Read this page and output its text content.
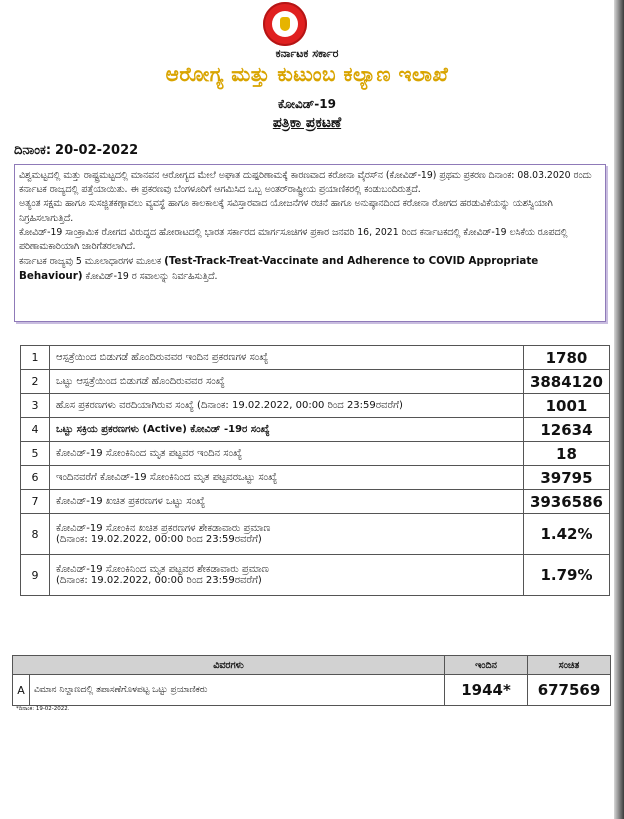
ಕರ್ನಾಟಕ ಸರ್ಕಾರ
ಆರೋಗ್ಯ ಮತ್ತು ಕುಟುಂಬ ಕಲ್ಯಾಣ ಇಲಾಖೆ
ಕೋವಿಡ್-19
ಪತ್ರಿಕಾ ಪ್ರಕಟಣೆ
ದಿನಾಂಕ: 20-02-2022

ವಿಶ್ವಮಟ್ಟದಲ್ಲಿ ಮತ್ತು ರಾಷ್ಟ್ರಮಟ್ಟದಲ್ಲಿ ಮಾನವನ ಆರೋಗ್ಯದ ಮೇಲೆ ಅಘಾತ ದುಷ್ಪರಿಣಾಮಕ್ಕೆ ಕಾರಣವಾದ ಕರೋನಾ ವೈರಸ್‌ನ (ಕೋವಿಡ್-19) ಪ್ರಥಮ ಪ್ರಕರಣ ದಿನಾಂಕ: 08.03.2020 ರಂದು ಕರ್ನಾಟಕ ರಾಜ್ಯದಲ್ಲಿ ಪತ್ತೆಯಾಯಿತು. ಈ ಪ್ರಕರಣವು ಬೆಂಗಳೂರಿಗೆ ಆಗಮಿಸಿದ ಒಬ್ಬ ಅಂತರ್‌ರಾಷ್ಟ್ರೀಯ ಪ್ರಯಾಣಿಕರಲ್ಲಿ ಕಂಡುಬಂದಿರುತ್ತದೆ.

ಅತ್ಯಂತ ಸಕ್ಷಮ ಹಾಗೂ ಸುಸಜ್ಜಿತಕಣ್ಗಾವಲು ವ್ಯವಸ್ಥೆ ಹಾಗೂ ಕಾಲಕಾಲಕ್ಕೆ ಸವಿಸ್ತಾರವಾದ ಯೋಜನೆಗಳ ರಚನೆ ಹಾಗೂ ಅನುಷ್ಠಾನದಿಂದ ಕರೋನಾ ರೋಗದ ಹರಡುವಿಕೆಯನ್ನು ಯಶಸ್ವಿಯಾಗಿ ನಿಗ್ರಹಿಸಲಾಗುತ್ತಿದೆ.

ಕೋವಿಡ್-19 ಸಾಂಕ್ರಾಮಿಕ ರೋಗದ ವಿರುದ್ಧದ ಹೋರಾಟದಲ್ಲಿ ಭಾರತ ಸರ್ಕಾರದ ಮಾರ್ಗಸೂಚಿಗಳ ಪ್ರಕಾರ ಜನವರಿ 16, 2021 ರಿಂದ ಕರ್ನಾಟಕದಲ್ಲಿ ಕೋವಿಡ್-19 ಲಸಿಕೆಯ ರೂಪದಲ್ಲಿ ಪರಿಣಾಮಕಾರಿಯಾಗಿ ಜಾರಿಗೆತರಲಾಗಿದೆ.

ಕರ್ನಾಟಕ ರಾಜ್ಯವು 5 ಮೂಲಾಧಾರಗಳ ಮೂಲಕ (Test-Track-Treat-Vaccinate and Adherence to COVID Appropriate Behaviour) ಕೋವಿಡ್-19 ರ ಸವಾಲನ್ನು ನಿರ್ವಹಿಸುತ್ತಿದೆ.

1	ಆಸ್ಪತ್ರೆಯಿಂದ ಬಿಡುಗಡೆ ಹೊಂದಿರುವವರ ಇಂದಿನ ಪ್ರಕರಣಗಳ ಸಂಖ್ಯೆ	1780
2	ಒಟ್ಟು ಆಸ್ಪತ್ರೆಯಿಂದ ಬಿಡುಗಡೆ ಹೊಂದಿರುವವರ ಸಂಖ್ಯೆ	3884120
3	ಹೊಸ ಪ್ರಕರಣಗಳು ವರದಿಯಾಗಿರುವ ಸಂಖ್ಯೆ (ದಿನಾಂಕ: 19.02.2022, 00:00 ರಿಂದ 23:59ರವರೆಗೆ)	1001
4	ಒಟ್ಟು ಸಕ್ರಿಯ ಪ್ರಕರಣಗಳು (Active) ಕೋವಿಡ್ -19ರ ಸಂಖ್ಯೆ	12634
5	ಕೋವಿಡ್-19 ಸೋಂಕಿನಿಂದ ಮೃತ ಪಟ್ಟವರ ಇಂದಿನ ಸಂಖ್ಯೆ	18
6	ಇಂದಿನವರೆಗೆ ಕೋವಿಡ್-19 ಸೋಂಕಿನಿಂದ ಮೃತ ಪಟ್ಟವರಒಟ್ಟು ಸಂಖ್ಯೆ	39795
7	ಕೋವಿಡ್-19 ಖಚಿತ ಪ್ರಕರಣಗಳ ಒಟ್ಟು ಸಂಖ್ಯೆ	3936586
8	ಕೋವಿಡ್-19 ಸೋಂಕಿನ ಖಚಿತ ಪ್ರಕರಣಗಳ ಶೇಕಡಾವಾರು ಪ್ರಮಾಣ
(ದಿನಾಂಕ: 19.02.2022, 00:00 ರಿಂದ 23:59ರವರೆಗೆ)	1.42%
9	ಕೋವಿಡ್-19 ಸೋಂಕಿನಿಂದ ಮೃತ ಪಟ್ಟವರ ಶೇಕಡಾವಾರು ಪ್ರಮಾಣ
(ದಿನಾಂಕ: 19.02.2022, 00:00 ರಿಂದ 23:59ರವರೆಗೆ)	1.79%
ವಿವರಗಳು		ಇಂದಿನ	ಸಂಚಿತ
A	ವಿಮಾನ ನಿಲ್ದಾಣದಲ್ಲಿ ತಪಾಸಣೆಗೊಳಪಟ್ಟ ಒಟ್ಟು ಪ್ರಯಾಣಿಕರು	1944*	677569
*ದಿನಾಂಕ: 19-02-2022.
